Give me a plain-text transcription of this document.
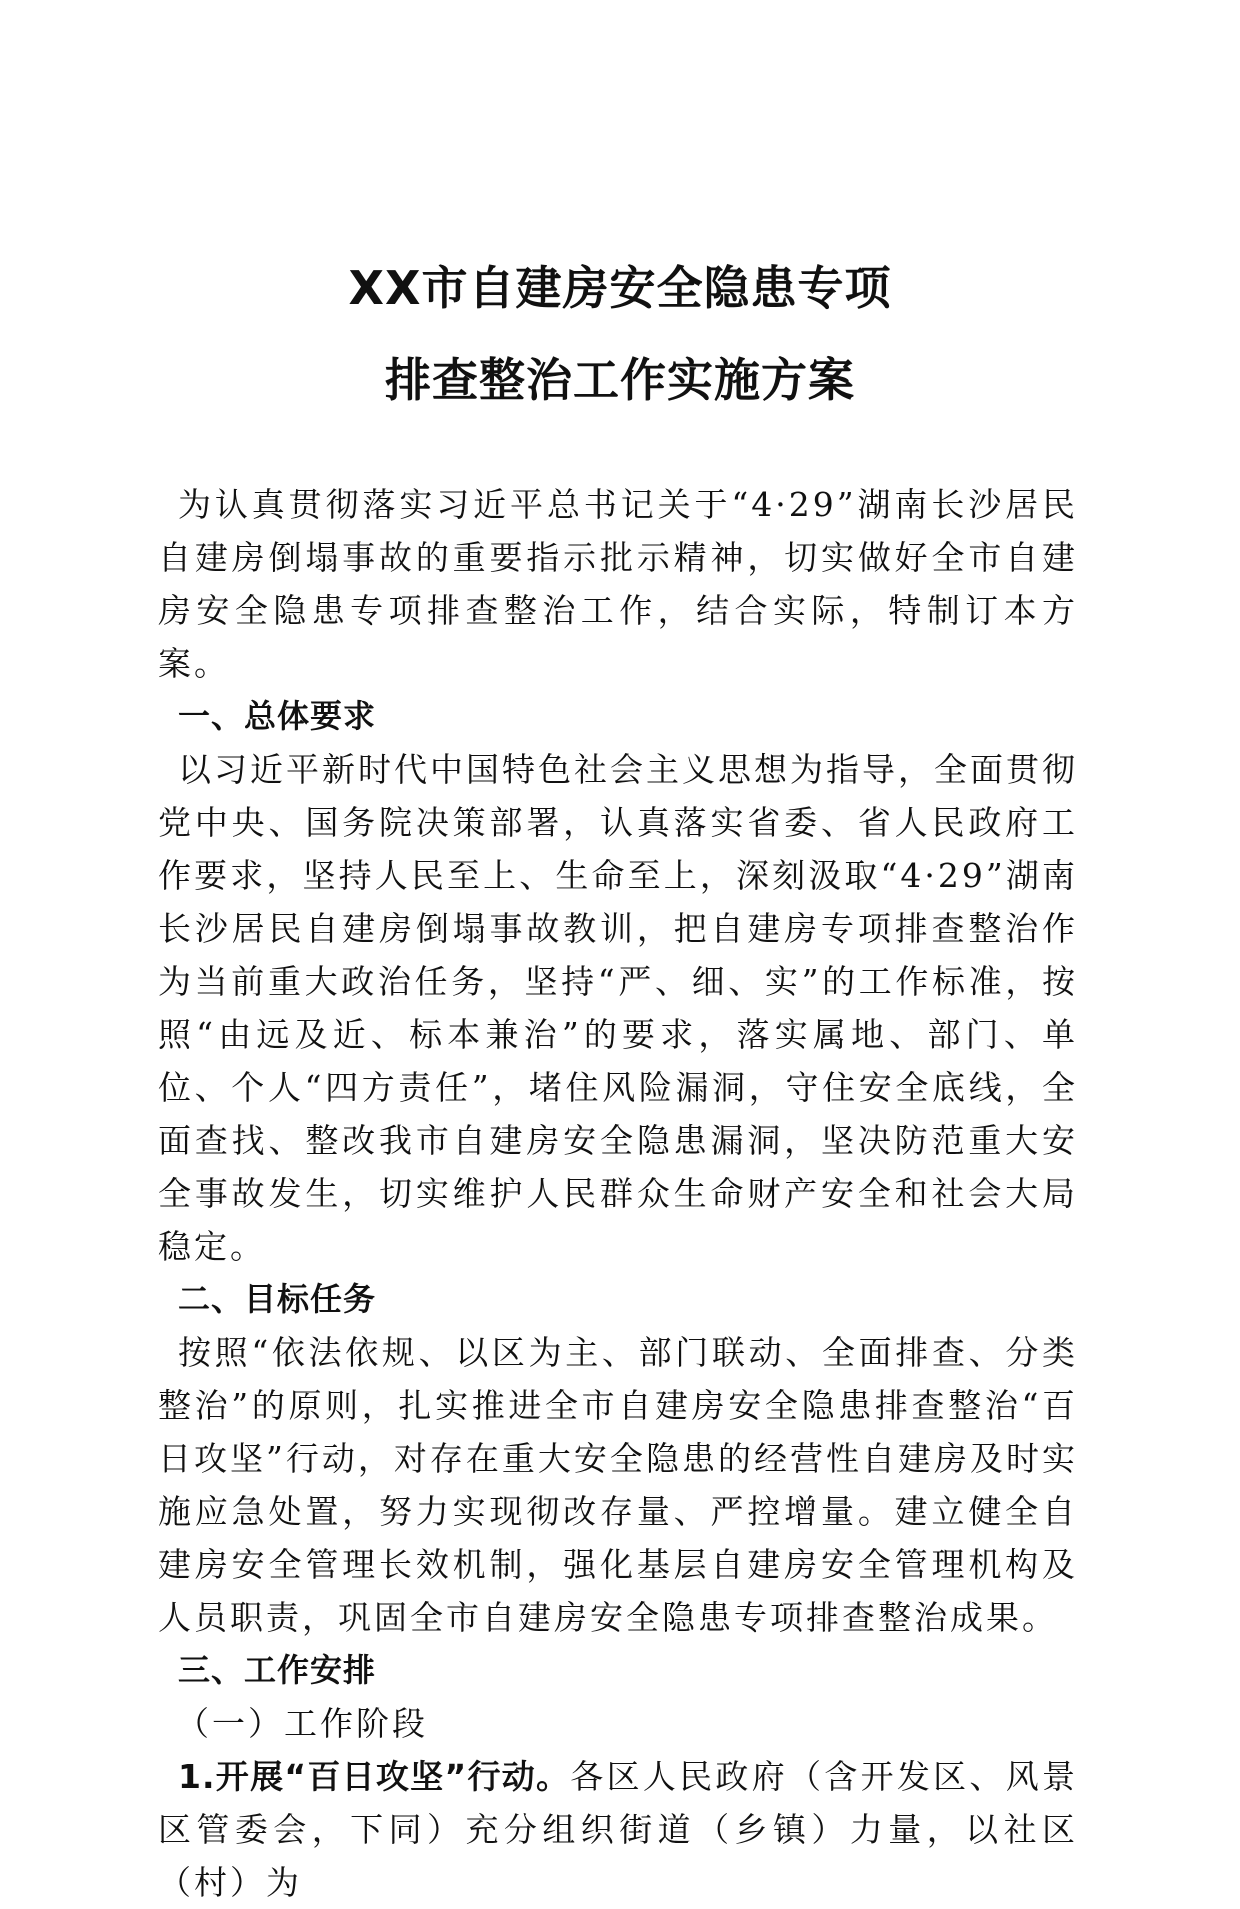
XX市自建房安全隐患专项
排查整治工作实施方案

为认真贯彻落实习近平总书记关于“4·29”湖南长沙居民自建房倒塌事故的重要指示批示精神，切实做好全市自建房安全隐患专项排查整治工作，结合实际，特制订本方案。

一、总体要求

以习近平新时代中国特色社会主义思想为指导，全面贯彻党中央、国务院决策部署，认真落实省委、省人民政府工作要求，坚持人民至上、生命至上，深刻汲取“4·29”湖南长沙居民自建房倒塌事故教训，把自建房专项排查整治作为当前重大政治任务，坚持“严、细、实”的工作标准，按照“由远及近、标本兼治”的要求，落实属地、部门、单位、个人“四方责任”，堵住风险漏洞，守住安全底线，全面查找、整改我市自建房安全隐患漏洞，坚决防范重大安全事故发生，切实维护人民群众生命财产安全和社会大局稳定。

二、目标任务

按照“依法依规、以区为主、部门联动、全面排查、分类整治”的原则，扎实推进全市自建房安全隐患排查整治“百日攻坚”行动，对存在重大安全隐患的经营性自建房及时实施应急处置，努力实现彻改存量、严控增量。建立健全自建房安全管理长效机制，强化基层自建房安全管理机构及人员职责，巩固全市自建房安全隐患专项排查整治成果。

三、工作安排

（一）工作阶段

1.开展“百日攻坚”行动。各区人民政府（含开发区、风景区管委会，下同）充分组织街道（乡镇）力量，以社区（村）为
